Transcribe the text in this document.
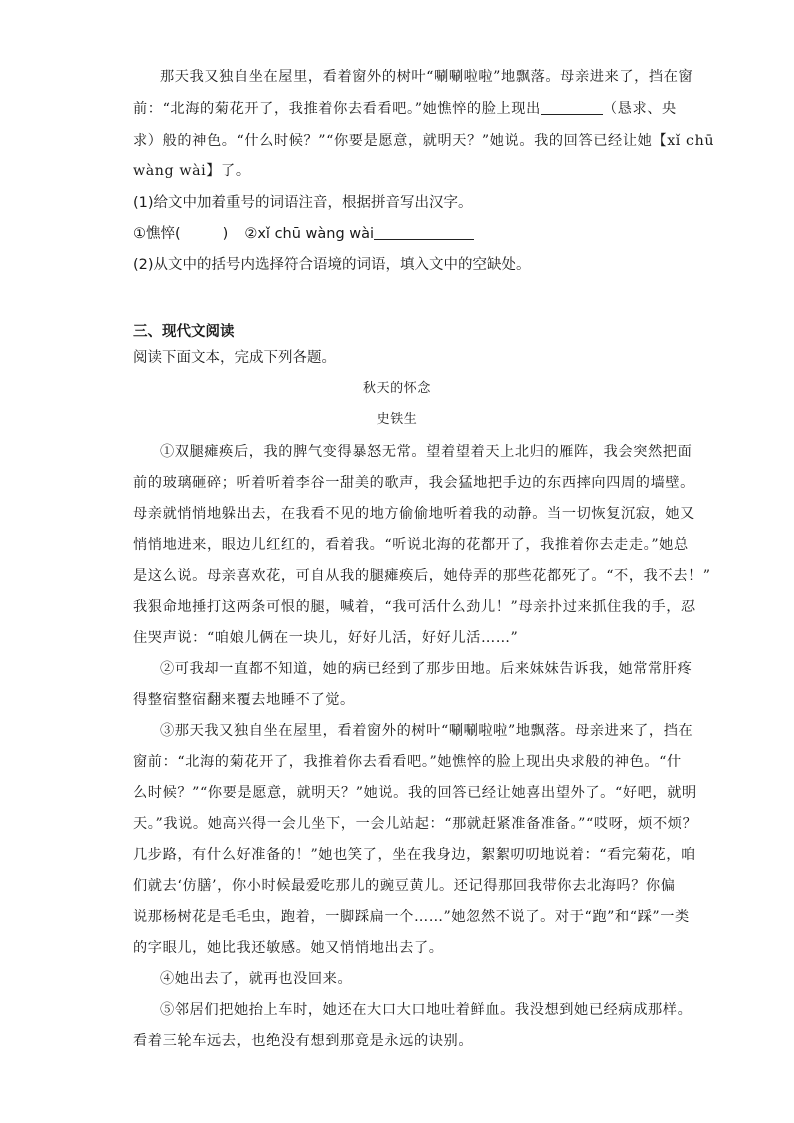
那天我又独自坐在屋里，看着窗外的树叶“唰唰啦啦”地飘落。母亲进来了，挡在窗
前：“北海的菊花开了，我推着你去看看吧。”她憔悴的脸上现出	（恳求、央
求）般的神色。“什么时候？”“你要是愿意，就明天？”她说。我的回答已经让她【xǐ chū
wàng wài】了。
(1)给文中加着重号的词语注音，根据拼音写出汉字。
①憔悴(	) ②xǐ chū wàng wài
(2)从文中的括号内选择符合语境的词语，填入文中的空缺处。
三、现代文阅读
阅读下面文本，完成下列各题。
秋天的怀念
史铁生
①双腿瘫痪后，我的脾气变得暴怒无常。望着望着天上北归的雁阵，我会突然把面
前的玻璃砸碎；听着听着李谷一甜美的歌声，我会猛地把手边的东西摔向四周的墙壁。
母亲就悄悄地躲出去，在我看不见的地方偷偷地听着我的动静。当一切恢复沉寂，她又
悄悄地进来，眼边儿红红的，看着我。“听说北海的花都开了，我推着你去走走。”她总
是这么说。母亲喜欢花，可自从我的腿瘫痪后，她侍弄的那些花都死了。“不，我不去！”
我狠命地捶打这两条可恨的腿，喊着，“我可活什么劲儿！”母亲扑过来抓住我的手，忍
住哭声说：“咱娘儿俩在一块儿，好好儿活，好好儿活……”
②可我却一直都不知道，她的病已经到了那步田地。后来妹妹告诉我，她常常肝疼
得整宿整宿翻来覆去地睡不了觉。
③那天我又独自坐在屋里，看着窗外的树叶“唰唰啦啦”地飘落。母亲进来了，挡在
窗前：“北海的菊花开了，我推着你去看看吧。”她憔悴的脸上现出央求般的神色。“什
么时候？”“你要是愿意，就明天？”她说。我的回答已经让她喜出望外了。“好吧，就明
天。”我说。她高兴得一会儿坐下，一会儿站起：“那就赶紧准备准备。”“哎呀，烦不烦？
几步路，有什么好准备的！”她也笑了，坐在我身边，絮絮叨叨地说着：“看完菊花，咱
们就去‘仿膳’，你小时候最爱吃那儿的豌豆黄儿。还记得那回我带你去北海吗？你偏
说那杨树花是毛毛虫，跑着，一脚踩扁一个……”她忽然不说了。对于“跑”和“踩”一类
的字眼儿，她比我还敏感。她又悄悄地出去了。
④她出去了，就再也没回来。
⑤邻居们把她抬上车时，她还在大口大口地吐着鲜血。我没想到她已经病成那样。
看着三轮车远去，也绝没有想到那竟是永远的诀别。
